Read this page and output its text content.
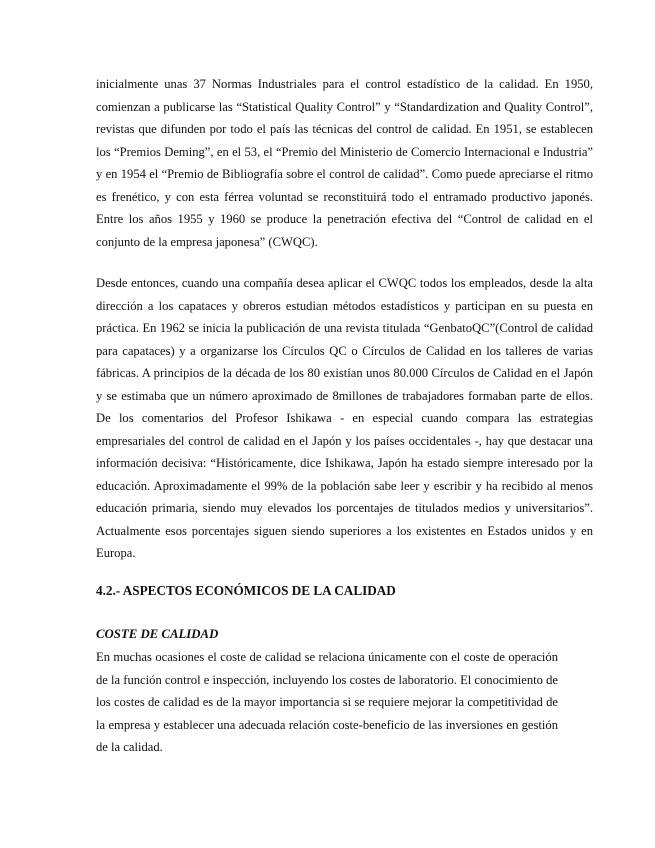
inicialmente unas 37 Normas Industriales para el control estadístico de la calidad. En 1950, comienzan a publicarse las “Statistical Quality Control” y “Standardization and Quality Control”, revistas que difunden por todo el país las técnicas del control de calidad. En 1951, se establecen los “Premios Deming”, en el 53, el “Premio del Ministerio de Comercio Internacional e Industria” y en 1954 el “Premio de Bibliografía sobre el control de calidad”. Como puede apreciarse el ritmo es frenético, y con esta férrea voluntad se reconstituirá todo el entramado productivo japonés. Entre los años 1955 y 1960 se produce la penetración efectiva del “Control de calidad en el conjunto de la empresa japonesa” (CWQC).

Desde entonces, cuando una compañía desea aplicar el CWQC todos los empleados, desde la alta dirección a los capataces y obreros estudian métodos estadísticos y participan en su puesta en práctica. En 1962 se inicia la publicación de una revista titulada “GenbatoQC”(Control de calidad para capataces) y a organizarse los Círculos QC o Círculos de Calidad en los talleres de varias fábricas. A principios de la década de los 80 existían unos 80.000 Círculos de Calidad en el Japón y se estimaba que un número aproximado de 8millones de trabajadores formaban parte de ellos. De los comentarios del Profesor Ishikawa - en especial cuando compara las estrategias empresariales del control de calidad en el Japón y los países occidentales -, hay que destacar una información decisiva: “Históricamente, dice Ishikawa, Japón ha estado siempre interesado por la educación. Aproximadamente el 99% de la población sabe leer y escribir y ha recibido al menos educación primaria, siendo muy elevados los porcentajes de titulados medios y universitarios”. Actualmente esos porcentajes siguen siendo superiores a los existentes en Estados unidos y en Europa.

4.2.- ASPECTOS ECONÓMICOS DE LA CALIDAD
COSTE DE CALIDAD

En muchas ocasiones el coste de calidad se relaciona únicamente con el coste de operación de la función control e inspección, incluyendo los costes de laboratorio. El conocimiento de los costes de calidad es de la mayor importancia si se requiere mejorar la competitividad de la empresa y establecer una adecuada relación coste-beneficio de las inversiones en gestión de la calidad.
